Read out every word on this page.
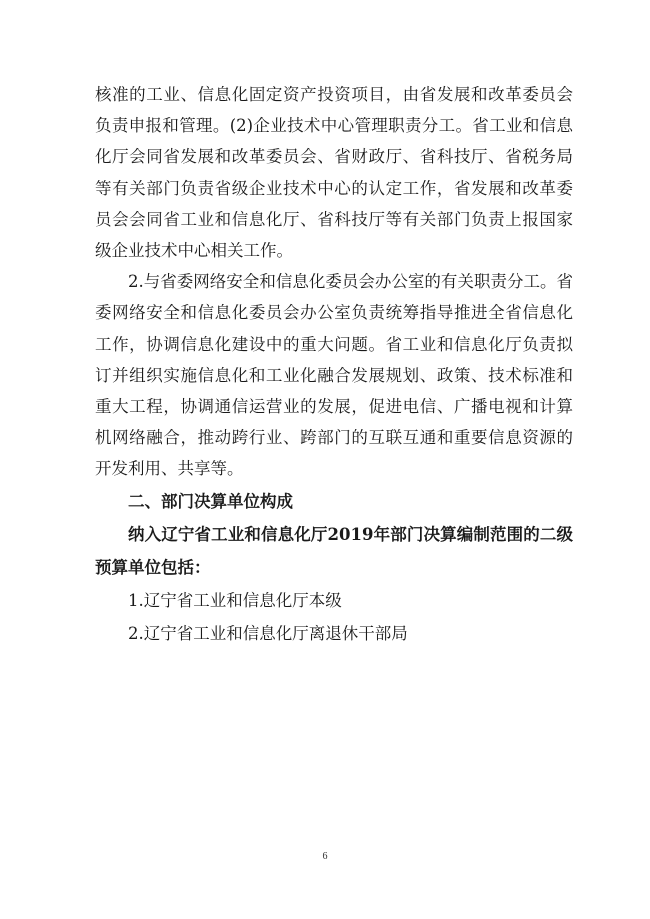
核准的工业、信息化固定资产投资项目，由省发展和改革委员会负责申报和管理。(2)企业技术中心管理职责分工。省工业和信息化厅会同省发展和改革委员会、省财政厅、省科技厅、省税务局等有关部门负责省级企业技术中心的认定工作，省发展和改革委员会会同省工业和信息化厅、省科技厅等有关部门负责上报国家级企业技术中心相关工作。

2.与省委网络安全和信息化委员会办公室的有关职责分工。省委网络安全和信息化委员会办公室负责统筹指导推进全省信息化工作，协调信息化建设中的重大问题。省工业和信息化厅负责拟订并组织实施信息化和工业化融合发展规划、政策、技术标准和重大工程，协调通信运营业的发展，促进电信、广播电视和计算机网络融合，推动跨行业、跨部门的互联互通和重要信息资源的开发利用、共享等。

二、部门决算单位构成

纳入辽宁省工业和信息化厅2019年部门决算编制范围的二级预算单位包括：

1.辽宁省工业和信息化厅本级

2.辽宁省工业和信息化厅离退休干部局

6
